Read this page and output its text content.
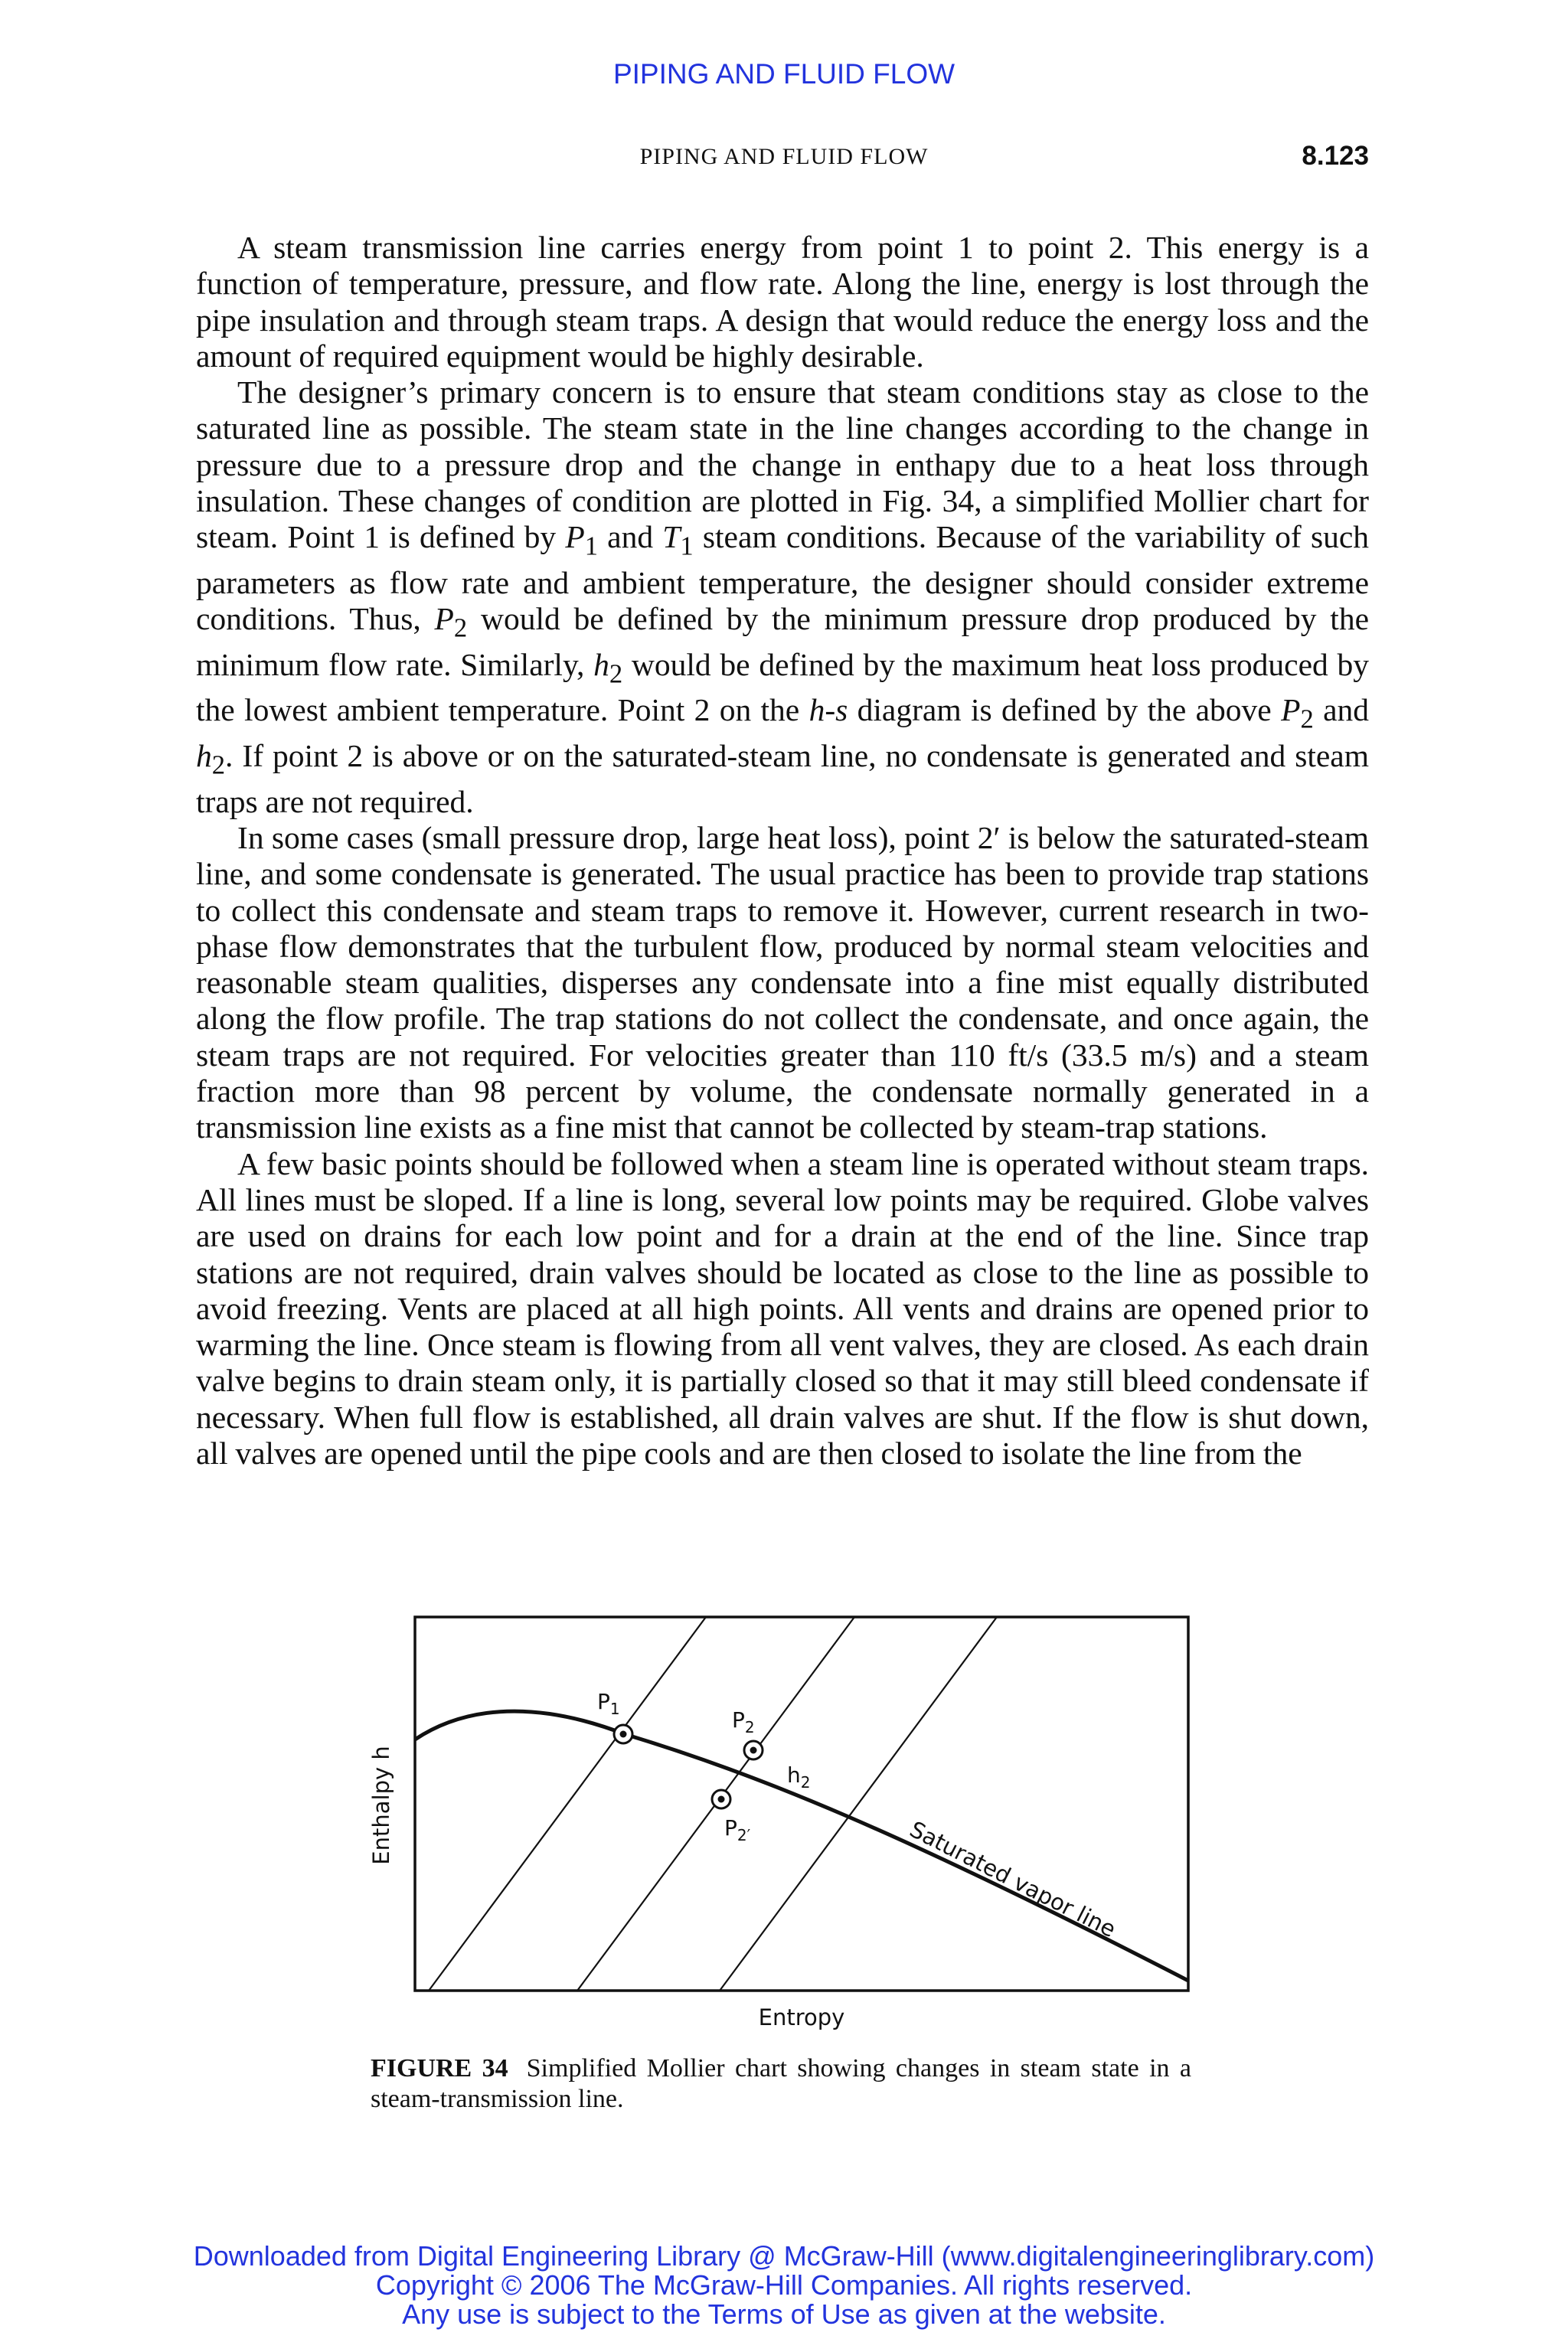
PIPING AND FLUID FLOW
PIPING AND FLUID FLOW	8.123

A steam transmission line carries energy from point 1 to point 2. This energy is a function of temperature, pressure, and flow rate. Along the line, energy is lost through the pipe insulation and through steam traps. A design that would reduce the energy loss and the amount of required equipment would be highly desirable.

The designer’s primary concern is to ensure that steam conditions stay as close to the saturated line as possible. The steam state in the line changes according to the change in pressure due to a pressure drop and the change in enthapy due to a heat loss through insulation. These changes of condition are plotted in Fig. 34, a simplified Mollier chart for steam. Point 1 is defined by $P_1$ and $T_1$ steam conditions. Because of the variability of such parameters as flow rate and ambient temperature, the designer should consider extreme conditions. Thus, $P_2$ would be defined by the minimum pressure drop produced by the minimum flow rate. Similarly, $h_2$ would be defined by the maximum heat loss produced by the lowest ambient temperature. Point 2 on the h-s diagram is defined by the above $P_2$ and $h_2$. If point 2 is above or on the saturated-steam line, no condensate is generated and steam traps are not required.

In some cases (small pressure drop, large heat loss), point 2′ is below the saturated-steam line, and some condensate is generated. The usual practice has been to provide trap stations to collect this condensate and steam traps to remove it. However, current research in two-phase flow demonstrates that the turbulent flow, produced by normal steam velocities and reasonable steam qualities, disperses any condensate into a fine mist equally distributed along the flow profile. The trap stations do not collect the condensate, and once again, the steam traps are not required. For velocities greater than 110 ft/s (33.5 m/s) and a steam fraction more than 98 percent by volume, the condensate normally generated in a transmission line exists as a fine mist that cannot be collected by steam-trap stations.

A few basic points should be followed when a steam line is operated without steam traps. All lines must be sloped. If a line is long, several low points may be required. Globe valves are used on drains for each low point and for a drain at the end of the line. Since trap stations are not required, drain valves should be located as close to the line as possible to avoid freezing. Vents are placed at all high points. All vents and drains are opened prior to warming the line. Once steam is flowing from all vent valves, they are closed. As each drain valve begins to drain steam only, it is partially closed so that it may still bleed condensate if necessary. When full flow is established, all drain valves are shut. If the flow is shut down, all valves are opened until the pipe cools and are then closed to isolate the line from the

$P_1$	$P_2$
$P_{2'}$
$h_2$
Saturated vapor line
Enthalpy h
Entropy
FIGURE 34 Simplified Mollier chart showing changes in steam state in a steam-transmission line.
Downloaded from Digital Engineering Library @ McGraw-Hill (www.digitalengineeringlibrary.com)
Copyright © 2006 The McGraw-Hill Companies. All rights reserved.
Any use is subject to the Terms of Use as given at the website.
